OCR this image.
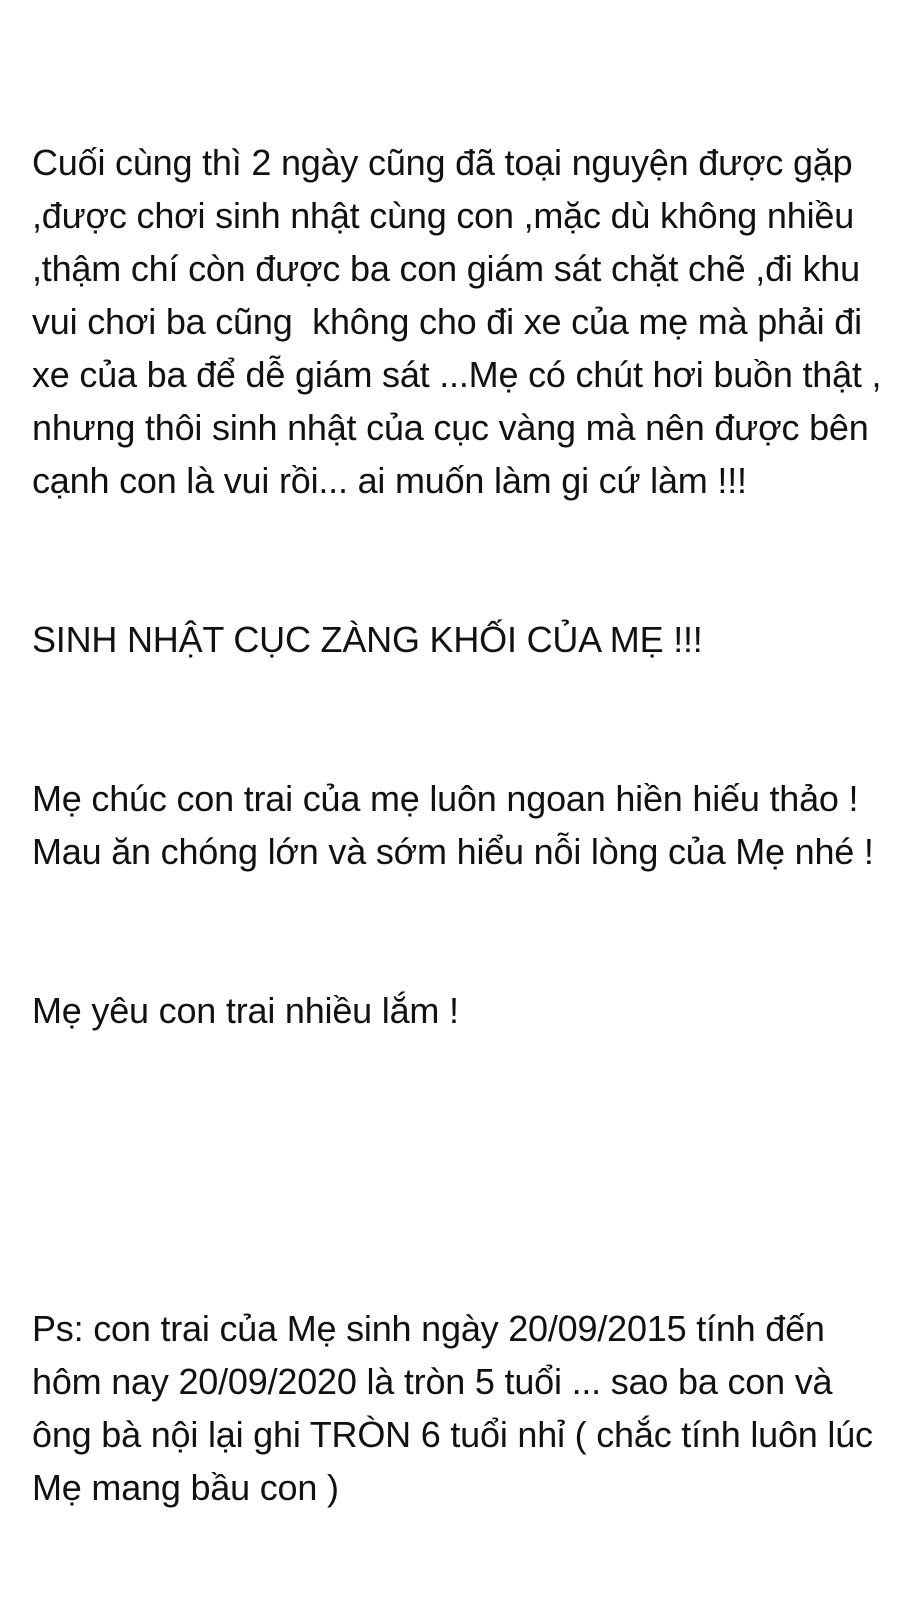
Cuối cùng thì 2 ngày cũng đã toại nguyện được gặp ,được chơi sinh nhật cùng con ,mặc dù không nhiều ,thậm chí còn được ba con giám sát chặt chẽ ,đi khu vui chơi ba cũng  không cho đi xe của mẹ mà phải đi xe của ba để dễ giám sát ...Mẹ có chút hơi buồn thật , nhưng thôi sinh nhật của cục vàng mà nên được bên cạnh con là vui rồi... ai muốn làm gi cứ làm !!!

SINH NHẬT CỤC ZÀNG KHỐI CỦA MẸ !!!

Mẹ chúc con trai của mẹ luôn ngoan hiền hiếu thảo ! Mau ăn chóng lớn và sớm hiểu nỗi lòng của Mẹ nhé !

Mẹ yêu con trai nhiều lắm !

Ps: con trai của Mẹ sinh ngày 20/09/2015 tính đến hôm nay 20/09/2020 là tròn 5 tuổi ... sao ba con và ông bà nội lại ghi TRÒN 6 tuổi nhỉ ( chắc tính luôn lúc Mẹ mang bầu con )
